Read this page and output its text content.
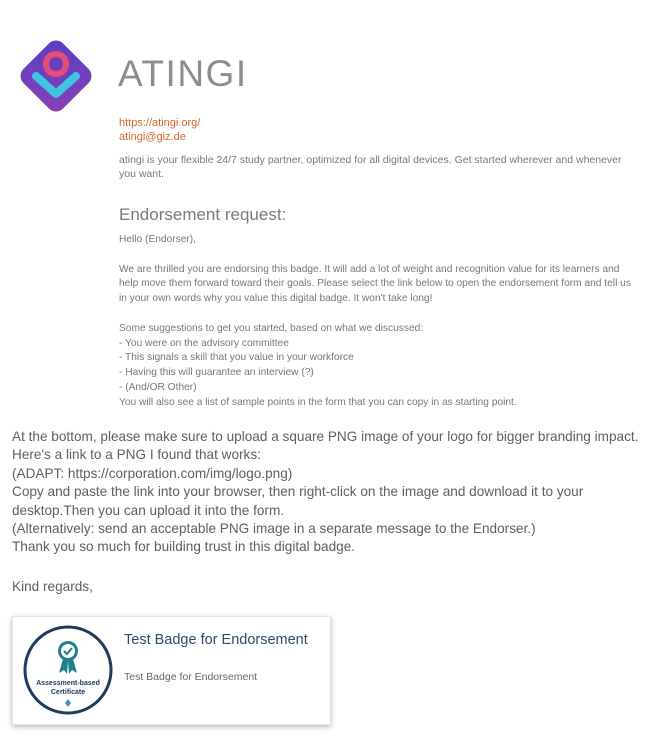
ATINGI
https://atingi.org/
atingi@giz.de
atingi is your flexible 24/7 study partner, optimized for all digital devices. Get started wherever and whenever you want.
Endorsement request:

Hello (Endorser),

We are thrilled you are endorsing this badge. It will add a lot of weight and recognition value for its learners and help move them forward toward their goals. Please select the link below to open the endorsement form and tell us in your own words why you value this digital badge. It won't take long!

Some suggestions to get you started, based on what we discussed:

- You were on the advisory committee

- This signals a skill that you value in your workforce

- Having this will guarantee an interview (?)

- (And/OR Other)

You will also see a list of sample points in the form that you can copy in as starting point.

At the bottom, please make sure to upload a square PNG image of your logo for bigger branding impact. Here's a link to a PNG I found that works:

(ADAPT: https://corporation.com/img/logo.png)

Copy and paste the link into your browser, then right-click on the image and download it to your desktop.Then you can upload it into the form.

(Alternatively: send an acceptable PNG image in a separate message to the Endorser.)

Thank you so much for building trust in this digital badge.

Kind regards,
Assessment-based
Certificate
Test Badge for Endorsement
Test Badge for Endorsement
